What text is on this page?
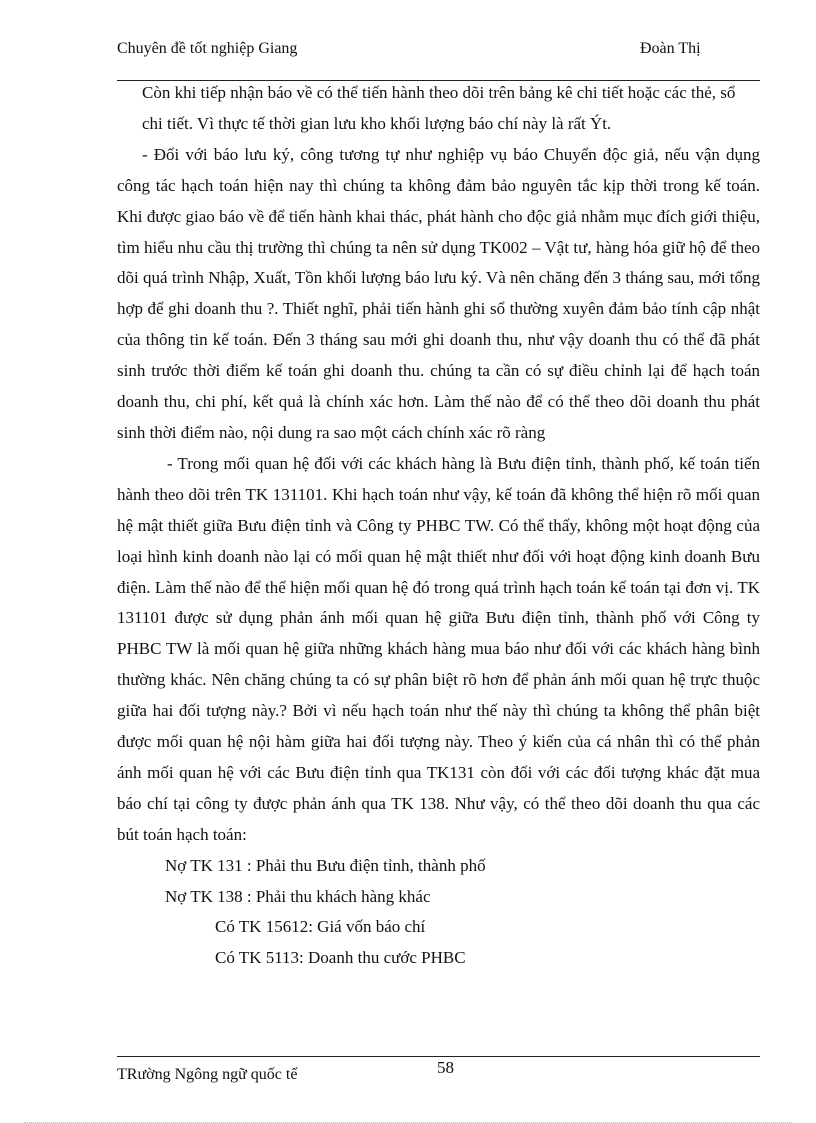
Chuyên đề tốt nghiệp Giang	Đoàn Thị

Còn khi tiếp nhận báo về có thể tiến hành theo dõi trên bảng kê chi tiết hoặc các thẻ, sổ chi tiết. Vì thực tế thời gian lưu kho khối lượng báo chí này là rất Ýt.

- Đối với báo lưu ký, công tương tự như nghiệp vụ báo Chuyển độc giả, nếu vận dụng công tác hạch toán hiện nay thì chúng ta không đảm bảo nguyên tắc kịp thời trong kế toán. Khi được giao báo về để tiến hành khai thác, phát hành cho độc giả nhằm mục đích giới thiệu, tìm hiểu nhu cầu thị trường thì chúng ta nên sử dụng TK002 – Vật tư, hàng hóa giữ hộ để theo dõi quá trình Nhập, Xuất, Tồn khối lượng báo lưu ký. Và nên chăng đến 3 tháng sau, mới tổng hợp để ghi doanh thu ?. Thiết nghĩ, phải tiến hành ghi sổ thường xuyên đảm bảo tính cập nhật của thông tin kế toán. Đến 3 tháng sau mới ghi doanh thu, như vậy doanh thu có thể đã phát sinh trước thời điểm kế toán ghi doanh thu. chúng ta cần có sự điều chỉnh lại để hạch toán doanh thu, chi phí, kết quả là chính xác hơn. Làm thế nào để có thể theo dõi doanh thu phát sinh thời điểm nào, nội dung ra sao một cách chính xác rõ ràng

- Trong mối quan hệ đối với các khách hàng là Bưu điện tỉnh, thành phố, kế toán tiến hành theo dõi trên TK 131101. Khi hạch toán như vậy, kế toán đã không thể hiện rõ mối quan hệ mật thiết giữa Bưu điện tỉnh và Công ty PHBC TW. Có thể thấy, không một hoạt động của loại hình kinh doanh nào lại có mối quan hệ mật thiết như đối với hoạt động kinh doanh Bưu điện. Làm thế nào để thể hiện mối quan hệ đó trong quá trình hạch toán kế toán tại đơn vị. TK 131101 được sử dụng phản ánh mối quan hệ giữa Bưu điện tỉnh, thành phố với Công ty PHBC TW là mối quan hệ giữa những khách hàng mua báo như đối với các khách hàng bình thường khác. Nên chăng chúng ta có sự phân biệt rõ hơn để phản ánh mối quan hệ trực thuộc giữa hai đối tượng này.? Bởi vì nếu hạch toán như thế này thì chúng ta không thể phân biệt được mối quan hệ nội hàm giữa hai đối tượng này. Theo ý kiến của cá nhân thì có thể phản ánh mối quan hệ với các Bưu điện tỉnh qua TK131 còn đối với các đối tượng khác đặt mua báo chí tại công ty được phản ánh qua TK 138. Như vậy, có thể theo dõi doanh thu qua các bút toán hạch toán:

Nợ TK 131 : Phải thu Bưu điện tỉnh, thành phố

Nợ TK 138 : Phải thu khách hàng khác

Có TK 15612: Giá vốn báo chí

Có TK 5113: Doanh thu cước PHBC

58
TRường Ngông ngữ quốc tế
